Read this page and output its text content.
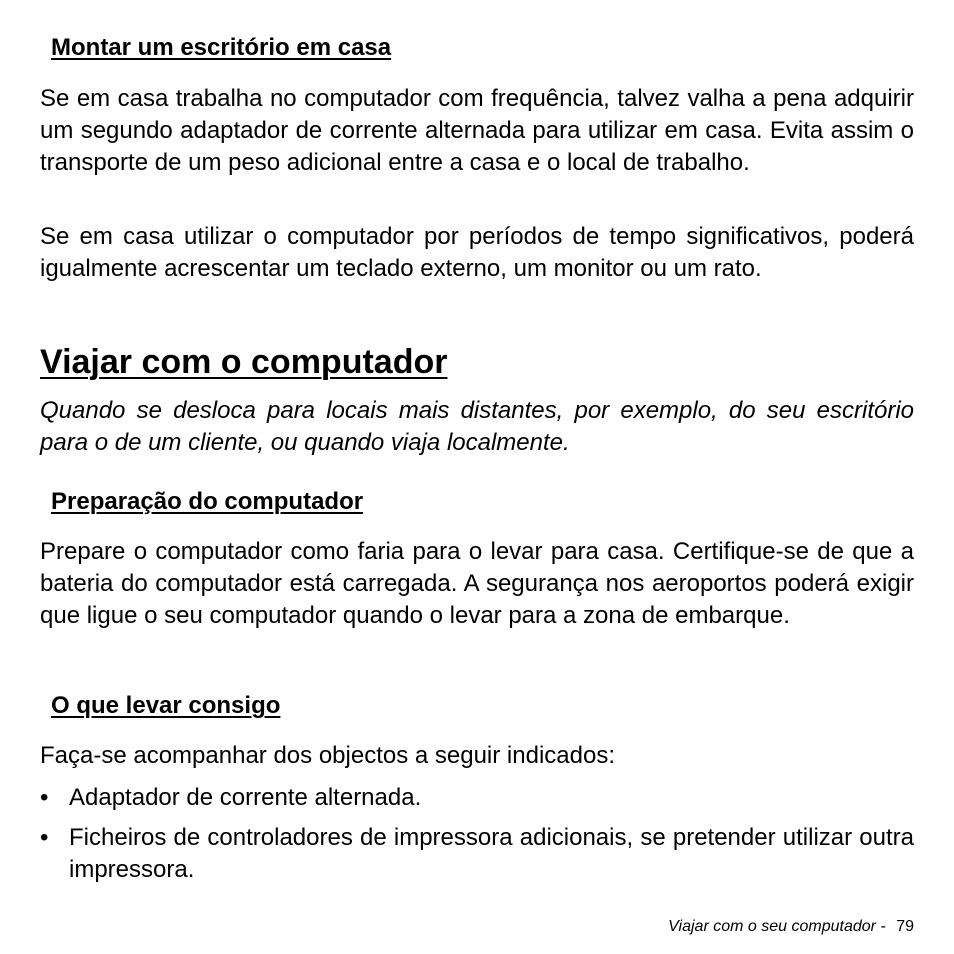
Montar um escritório em casa

Se em casa trabalha no computador com frequência, talvez valha a pena adquirir um segundo adaptador de corrente alternada para utilizar em casa. Evita assim o transporte de um peso adicional entre a casa e o local de trabalho.

Se em casa utilizar o computador por períodos de tempo significativos, poderá igualmente acrescentar um teclado externo, um monitor ou um rato.

Viajar com o computador

Quando se desloca para locais mais distantes, por exemplo, do seu escritório para o de um cliente, ou quando viaja localmente.

Preparação do computador

Prepare o computador como faria para o levar para casa. Certifique-se de que a bateria do computador está carregada. A segurança nos aeroportos poderá exigir que ligue o seu computador quando o levar para a zona de embarque.

O que levar consigo

Faça-se acompanhar dos objectos a seguir indicados:

• Adaptador de corrente alternada.
• Ficheiros de controladores de impressora adicionais, se pretender utilizar outra impressora.
Viajar com o seu computador - 79
